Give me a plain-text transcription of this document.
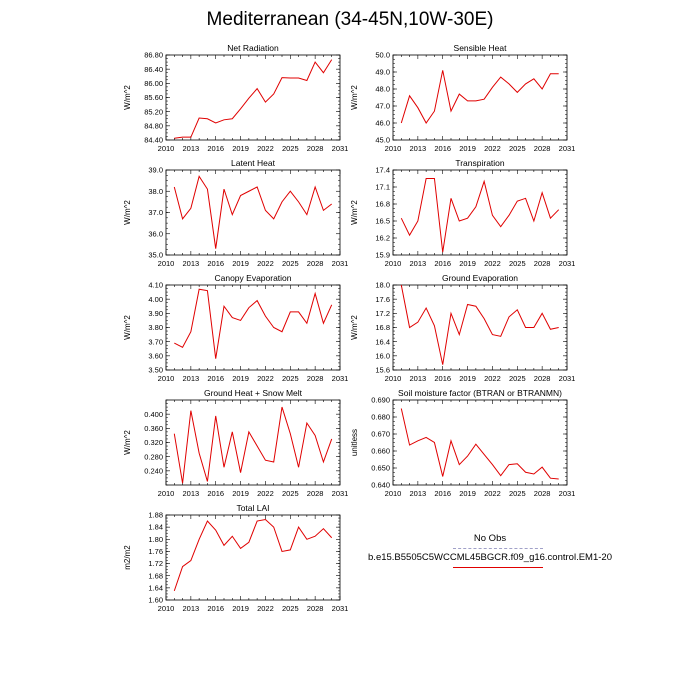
Mediterranean (34-45N,10W-30E)
Net Radiation
2010 2013 2016 2019 2022 2025 2028 2031
84.40
84.80
85.20
85.60
86.00
86.40
86.80
W/m^2
Sensible Heat
2010 2013 2016 2019 2022 2025 2028 2031
45.0
46.0
47.0
48.0
49.0
50.0
W/m^2
Latent Heat
2010 2013 2016 2019 2022 2025 2028 2031
35.0
36.0
37.0
38.0
39.0
W/m^2
Transpiration
2010 2013 2016 2019 2022 2025 2028 2031
15.9
16.2
16.5
16.8
17.1
17.4
W/m^2
Canopy Evaporation
2010 2013 2016 2019 2022 2025 2028 2031
3.50
3.60
3.70
3.80
3.90
4.00
4.10
W/m^2
Ground Evaporation
2010 2013 2016 2019 2022 2025 2028 2031
15.6
16.0
16.4
16.8
17.2
17.6
18.0
W/m^2
Ground Heat + Snow Melt
2010 2013 2016 2019 2022 2025 2028 2031
0.240
0.280
0.320
0.360
0.400
W/m^2
Soil moisture factor (BTRAN or BTRANMN)
2010 2013 2016 2019 2022 2025 2028 2031
0.640
0.650
0.660
0.670
0.680
0.690
unitless
Total LAI
2010 2013 2016 2019 2022 2025 2028 2031
1.60
1.64
1.68
1.72
1.76
1.80
1.84
1.88
m2/m2
No Obs
b.e15.B5505C5WCCML45BGCR.f09_g16.control.EM1-20
